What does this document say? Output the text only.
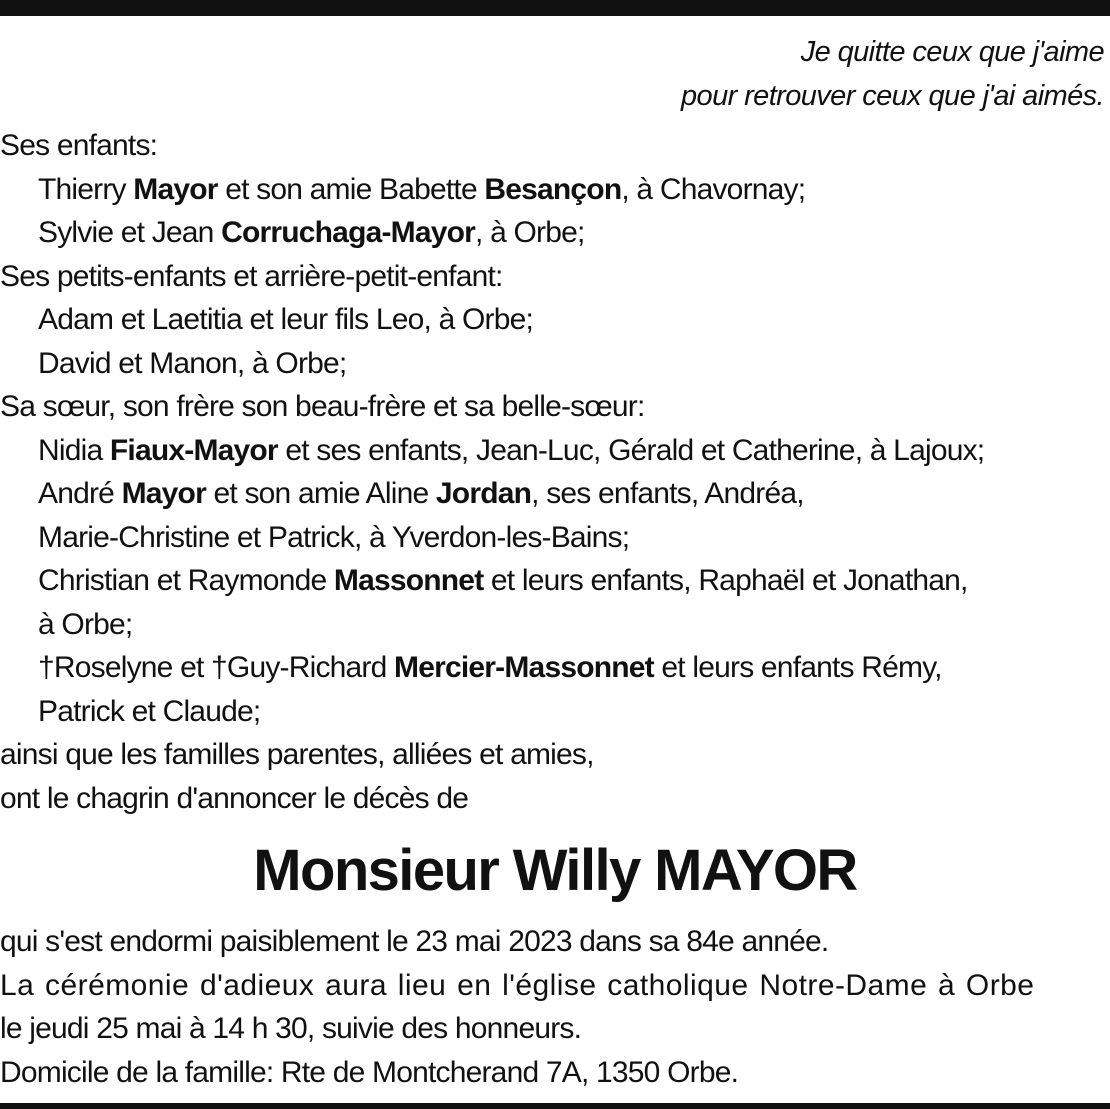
Je quitte ceux que j'aime
pour retrouver ceux que j'ai aimés.
Ses enfants:
Thierry Mayor et son amie Babette Besançon, à Chavornay;
Sylvie et Jean Corruchaga-Mayor, à Orbe;
Ses petits-enfants et arrière-petit-enfant:
Adam et Laetitia et leur fils Leo, à Orbe;
David et Manon, à Orbe;
Sa sœur, son frère son beau-frère et sa belle-sœur:
Nidia Fiaux-Mayor et ses enfants, Jean-Luc, Gérald et Catherine, à Lajoux;
André Mayor et son amie Aline Jordan, ses enfants, Andréa,
Marie-Christine et Patrick, à Yverdon-les-Bains;
Christian et Raymonde Massonnet et leurs enfants, Raphaël et Jonathan,
à Orbe;
†Roselyne et †Guy-Richard Mercier-Massonnet et leurs enfants Rémy,
Patrick et Claude;
ainsi que les familles parentes, alliées et amies,
ont le chagrin d'annoncer le décès de
Monsieur Willy MAYOR
qui s'est endormi paisiblement le 23 mai 2023 dans sa 84e année.
La cérémonie d'adieux aura lieu en l'église catholique Notre-Dame à Orbe
le jeudi 25 mai à 14 h 30, suivie des honneurs.
Domicile de la famille: Rte de Montcherand 7A, 1350 Orbe.
